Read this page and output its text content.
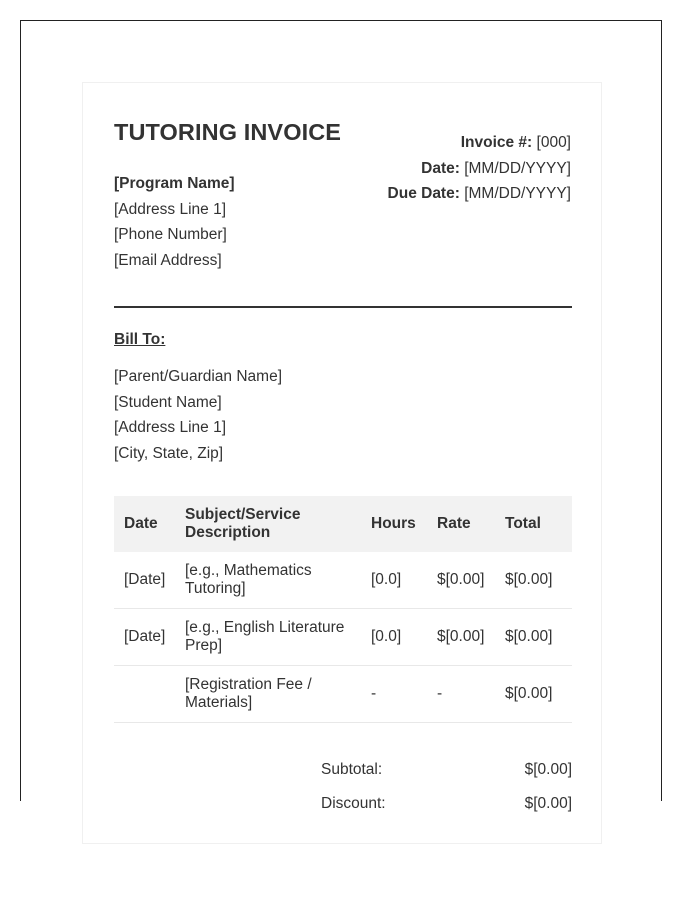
TUTORING INVOICE
[Program Name]
[Address Line 1]
[Phone Number]
[Email Address]
Invoice #: [000]
Date: [MM/DD/YYYY]
Due Date: [MM/DD/YYYY]
Bill To:
[Parent/Guardian Name]
[Student Name]
[Address Line 1]
[City, State, Zip]
Date	Subject/Service Description	Hours	Rate	Total
[Date]	[e.g., Mathematics Tutoring]	[0.0]	$[0.00]	$[0.00]
[Date]	[e.g., English Literature Prep]	[0.0]	$[0.00]	$[0.00]
	[Registration Fee / Materials]	-	-	$[0.00]
Subtotal:	$[0.00]
Discount:	$[0.00]
